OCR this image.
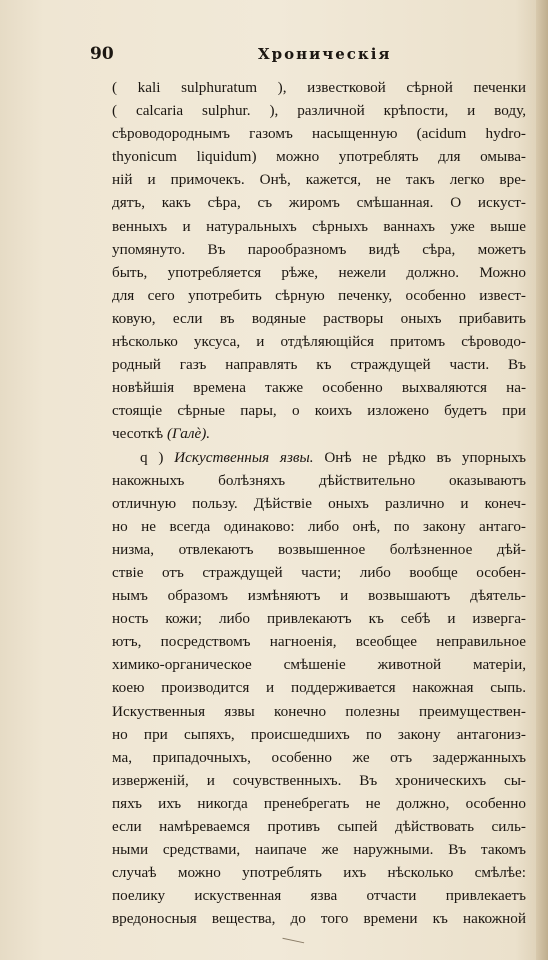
90	Хроническiя
( kali sulphuratum ), известковой сѣрной печенки
( calcaria sulphur. ), различной крѣпости, и воду,
сѣроводороднымъ газомъ насыщенную (acidum hydro-
thyonicum liquidum) можно употреблять для омыва-
нiй и примочекъ. Онѣ, кажется, не такъ легко вре-
дятъ, какъ сѣра, съ жиромъ смѣшанная. О искуст-
венныхъ и натуральныхъ сѣрныхъ ваннахъ уже выше
упомянуто. Въ парообразномъ видѣ сѣра, можетъ
быть, употребляется рѣже, нежели должно. Можно
для сего употребить сѣрную печенку, особенно извест-
ковую, если въ водяные растворы оныхъ прибавить
нѣсколько уксуса, и отдѣляющiйся притомъ сѣроводо-
родный газъ направлять къ страждущей части. Въ
новѣйшiя времена также особенно выхваляются на-
стоящiе сѣрные пары, о коихъ изложено будетъ при
чесоткѣ (Галè).
q ) Искуственныя язвы. Онѣ не рѣдко въ упорныхъ
накожныхъ болѣзняхъ дѣйствительно оказываютъ
отличную пользу. Дѣйствiе оныхъ различно и конеч-
но не всегда одинаково: либо онѣ, по закону антаго-
низма, отвлекаютъ возвышенное болѣзненное дѣй-
ствiе отъ страждущей части; либо вообще особен-
нымъ образомъ измѣняютъ и возвышаютъ дѣятель-
ность кожи; либо привлекаютъ къ себѣ и изверга-
ютъ, посредствомъ нагноенiя, всеобщее неправильное
химико-органическое смѣшенiе животной матерiи,
коею производится и поддерживается накожная сыпь.
Искуственныя язвы конечно полезны преимуществен-
но при сыпяхъ, происшедшихъ по закону антагониз-
ма, припадочныхъ, особенно же отъ задержанныхъ
изверженiй, и сочувственныхъ. Въ хроническихъ сы-
пяхъ ихъ никогда пренебрегать не должно, особенно
если намѣреваемся противъ сыпей дѣйствовать силь-
ными средствами, наипаче же наружными. Въ такомъ
случаѣ можно употреблять ихъ нѣсколько смѣлѣе:
поелику искуственная язва отчасти привлекаетъ
вредоносныя вещества, до того времени къ накожной
